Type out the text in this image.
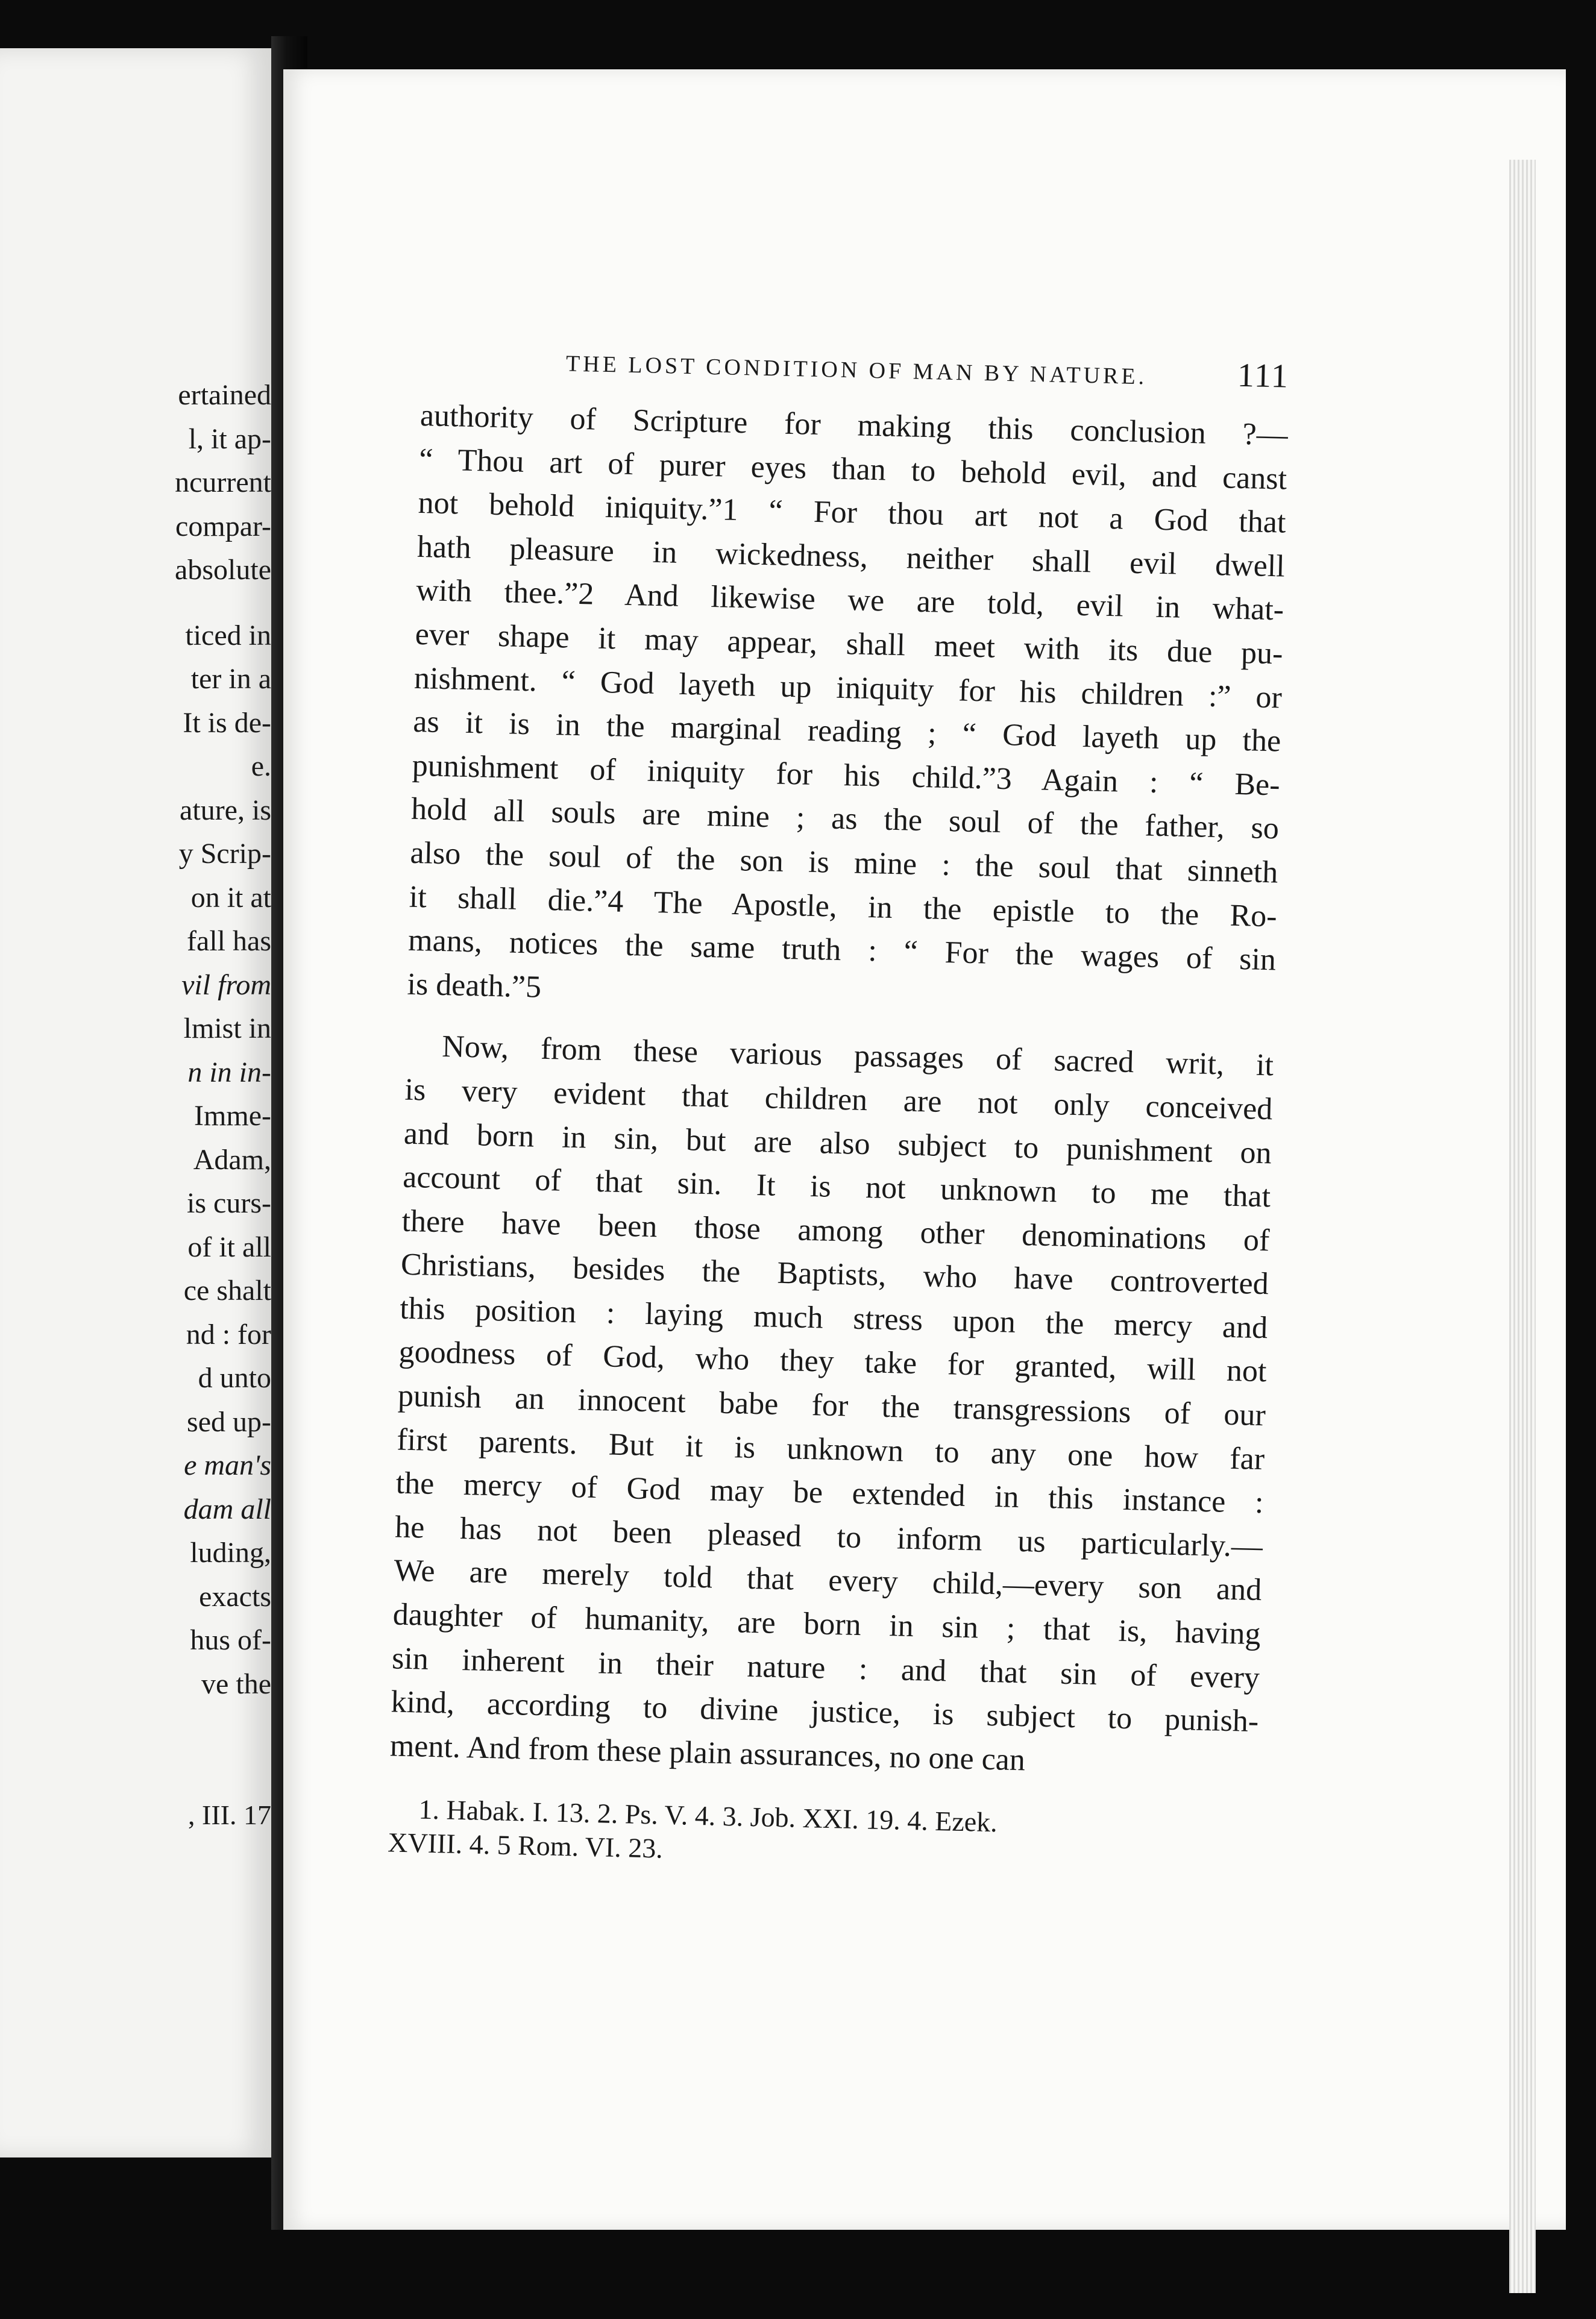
ertained
l, it ap-
ncurrent
compar-
absolute
ticed in
ter in a
It is de-
e.
ature, is
y Scrip-
on it at
fall has
vil from
lmist in
n in in-
Imme-
Adam,
is curs-
of it all
ce shalt
nd : for
d unto
sed up-
e man's
dam all
luding,
exacts
hus of-
ve the
, III. 17
THE LOST CONDITION OF MAN BY NATURE.	111
authority of Scripture for making this conclusion ?—
“ Thou art of purer eyes than to behold evil, and canst
not behold iniquity.”1 “ For thou art not a God that
hath pleasure in wickedness, neither shall evil dwell
with thee.”2 And likewise we are told, evil in what-
ever shape it may appear, shall meet with its due pu-
nishment. “ God layeth up iniquity for his children :” or
as it is in the marginal reading ; “ God layeth up the
punishment of iniquity for his child.”3 Again : “ Be-
hold all souls are mine ; as the soul of the father, so
also the soul of the son is mine : the soul that sinneth
it shall die.”4 The Apostle, in the epistle to the Ro-
mans, notices the same truth : “ For the wages of sin
is death.”5
Now, from these various passages of sacred writ, it
is very evident that children are not only conceived
and born in sin, but are also subject to punishment on
account of that sin. It is not unknown to me that
there have been those among other denominations of
Christians, besides the Baptists, who have controverted
this position : laying much stress upon the mercy and
goodness of God, who they take for granted, will not
punish an innocent babe for the transgressions of our
first parents. But it is unknown to any one how far
the mercy of God may be extended in this instance :
he has not been pleased to inform us particularly.—
We are merely told that every child,—every son and
daughter of humanity, are born in sin ; that is, having
sin inherent in their nature : and that sin of every
kind, according to divine justice, is subject to punish-
ment. And from these plain assurances, no one can
1. Habak. I. 13. 2. Ps. V. 4. 3. Job. XXI. 19. 4. Ezek.
XVIII. 4. 5 Rom. VI. 23.
